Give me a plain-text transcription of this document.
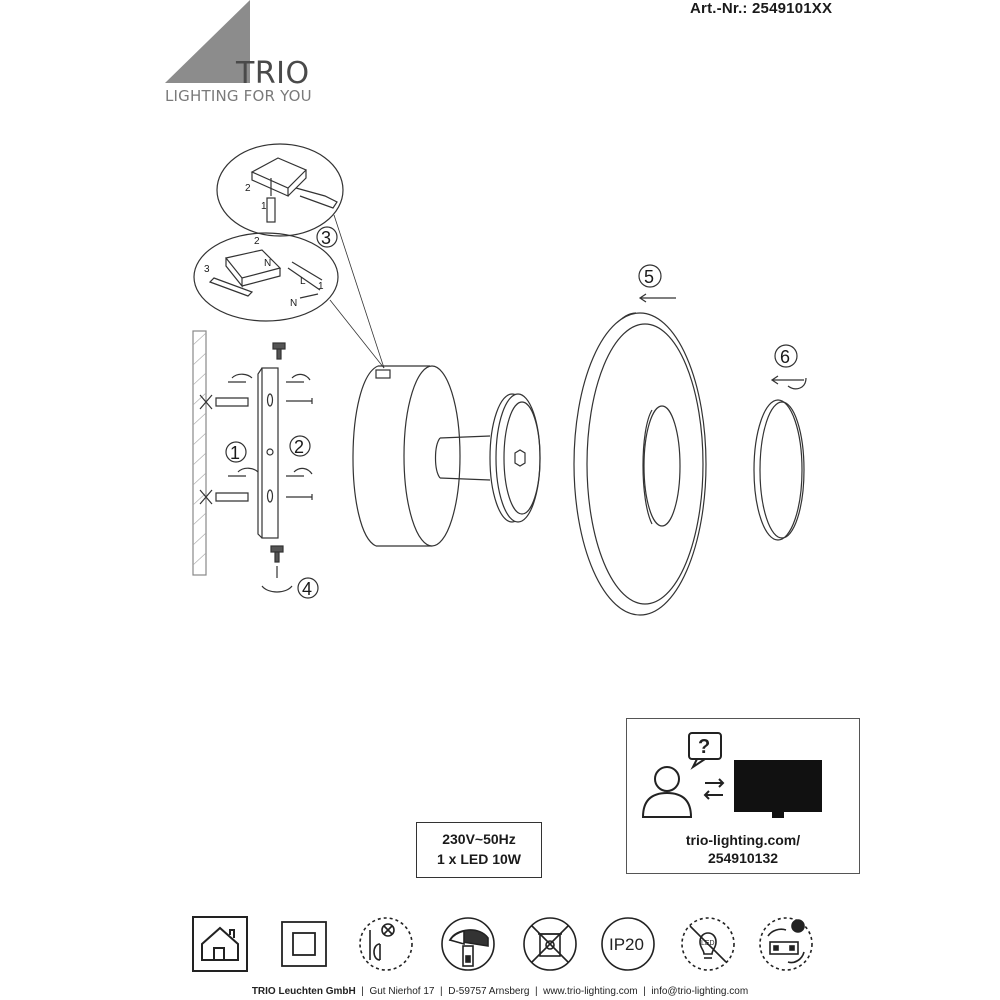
Art.-Nr.: 2549101XX
TRIO
LIGHTING FOR YOU
2
1
2
3
N
L 1
N
3
1	2
4
5
6
230V~50Hz
1 x LED 10W
?
trio-lighting.com/
254910132
IP20	LED
TRIO Leuchten GmbH  |  Gut Nierhof 17  |  D-59757 Arnsberg  |  www.trio-lighting.com  |  info@trio-lighting.com
